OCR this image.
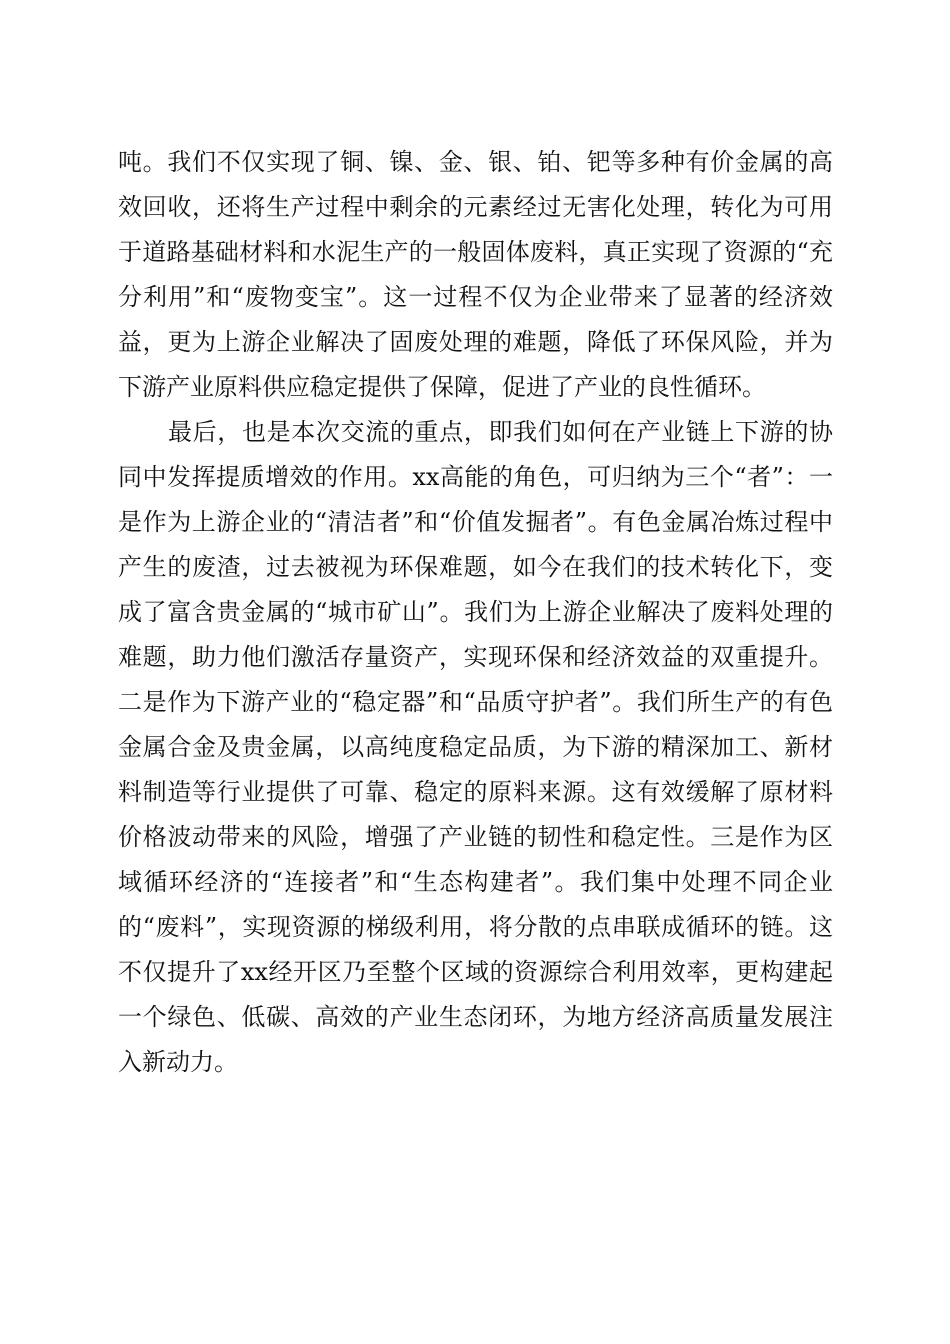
吨。我们不仅实现了铜、镍、金、银、铂、钯等多种有价金属的高效回收，还将生产过程中剩余的元素经过无害化处理，转化为可用于道路基础材料和水泥生产的一般固体废料，真正实现了资源的“充分利用”和“废物变宝”。这一过程不仅为企业带来了显著的经济效益，更为上游企业解决了固废处理的难题，降低了环保风险，并为下游产业原料供应稳定提供了保障，促进了产业的良性循环。

最后，也是本次交流的重点，即我们如何在产业链上下游的协同中发挥提质增效的作用。xx高能的角色，可归纳为三个“者”：一是作为上游企业的“清洁者”和“价值发掘者”。有色金属冶炼过程中产生的废渣，过去被视为环保难题，如今在我们的技术转化下，变成了富含贵金属的“城市矿山”。我们为上游企业解决了废料处理的难题，助力他们激活存量资产，实现环保和经济效益的双重提升。二是作为下游产业的“稳定器”和“品质守护者”。我们所生产的有色金属合金及贵金属，以高纯度稳定品质，为下游的精深加工、新材料制造等行业提供了可靠、稳定的原料来源。这有效缓解了原材料价格波动带来的风险，增强了产业链的韧性和稳定性。三是作为区域循环经济的“连接者”和“生态构建者”。我们集中处理不同企业的“废料”，实现资源的梯级利用，将分散的点串联成循环的链。这不仅提升了xx经开区乃至整个区域的资源综合利用效率，更构建起一个绿色、低碳、高效的产业生态闭环，为地方经济高质量发展注入新动力。
